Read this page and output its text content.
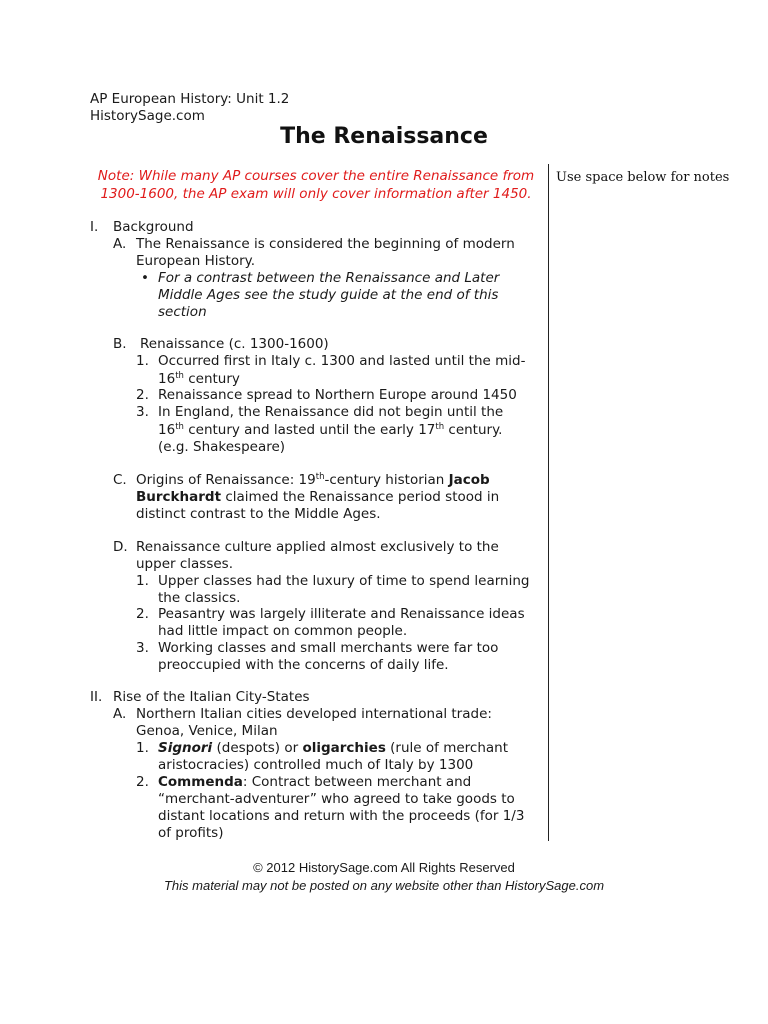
AP European History: Unit 1.2
HistorySage.com
The Renaissance
Note: While many AP courses cover the entire Renaissance from 1300-1600, the AP exam will only cover information after 1450.
Use space below for notes
I. Background
A. The Renaissance is considered the beginning of modern
European History.
• For a contrast between the Renaissance and Later
Middle Ages see the study guide at the end of this
section
B. Renaissance (c. 1300-1600)
1. Occurred first in Italy c. 1300 and lasted until the mid-
16th century
2. Renaissance spread to Northern Europe around 1450
3. In England, the Renaissance did not begin until the
16th century and lasted until the early 17th century.
(e.g. Shakespeare)
C. Origins of Renaissance: 19th-century historian Jacob
Burckhardt claimed the Renaissance period stood in
distinct contrast to the Middle Ages.
D. Renaissance culture applied almost exclusively to the
upper classes.
1. Upper classes had the luxury of time to spend learning
the classics.
2. Peasantry was largely illiterate and Renaissance ideas
had little impact on common people.
3. Working classes and small merchants were far too
preoccupied with the concerns of daily life.
II. Rise of the Italian City-States
A. Northern Italian cities developed international trade:
Genoa, Venice, Milan
1. Signori (despots) or oligarchies (rule of merchant
aristocracies) controlled much of Italy by 1300
2. Commenda: Contract between merchant and
“merchant-adventurer” who agreed to take goods to
distant locations and return with the proceeds (for 1/3
of profits)
© 2012 HistorySage.com All Rights Reserved
This material may not be posted on any website other than HistorySage.com
